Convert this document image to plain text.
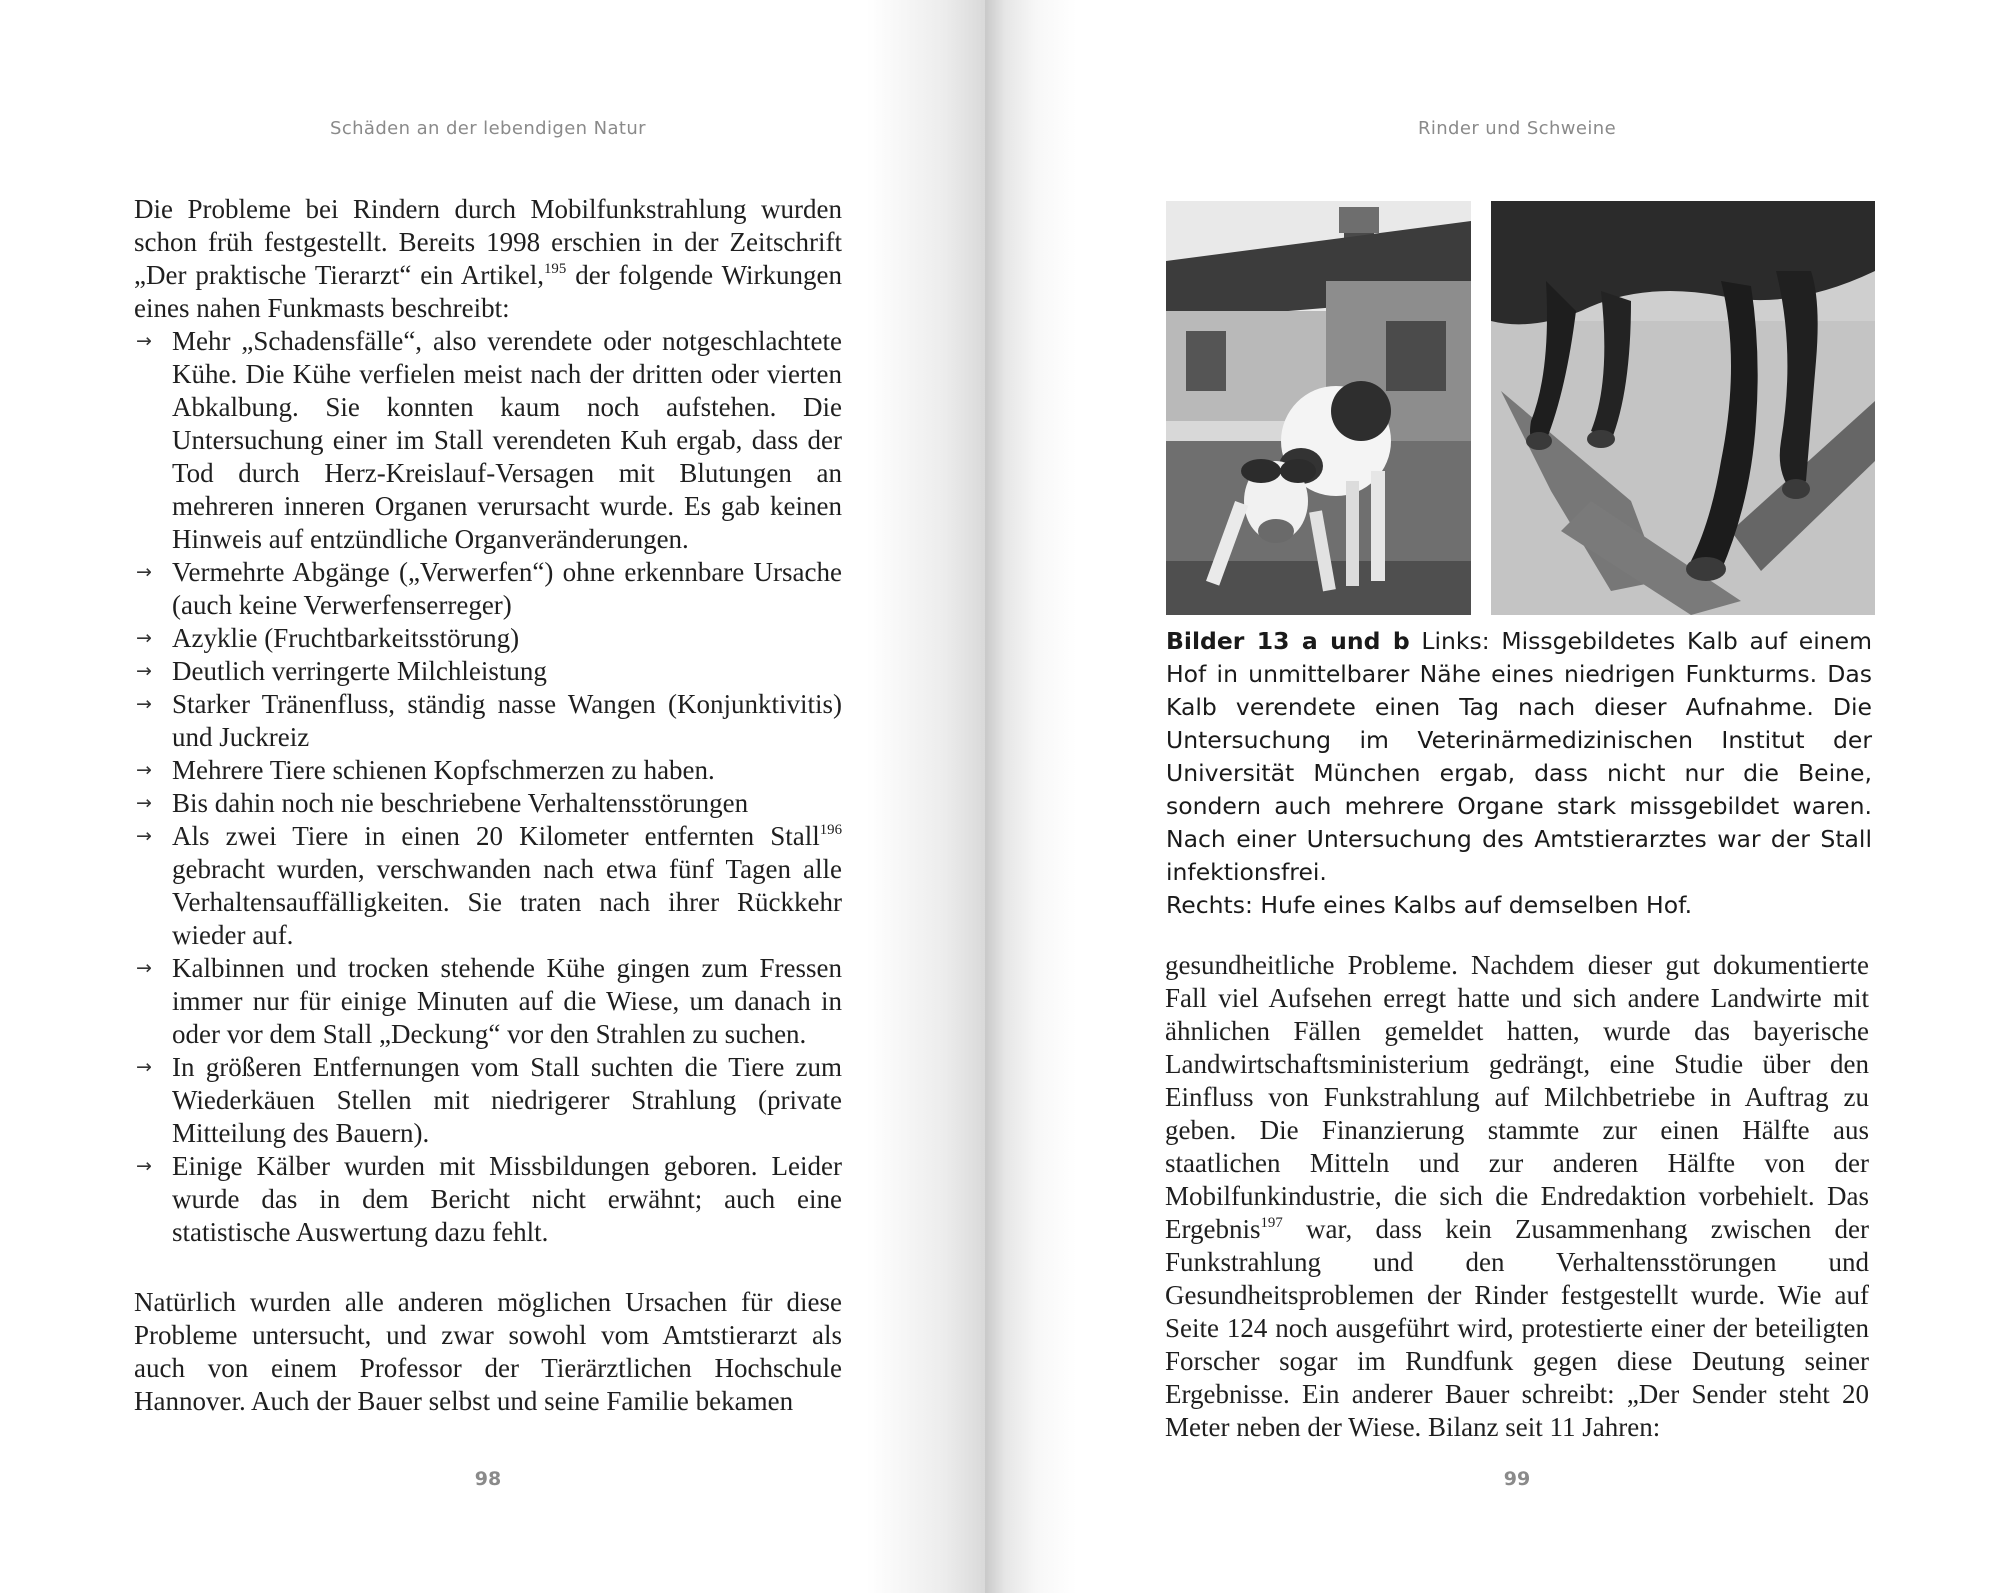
Schäden an der lebendigen Natur

Die Probleme bei Rindern durch Mobilfunkstrahlung wurden schon früh festgestellt. Bereits 1998 erschien in der Zeitschrift „Der praktische Tierarzt“ ein Artikel,$^{195}$ der folgende Wirkungen eines nahen Funkmasts beschreibt:

→ Mehr „Schadensfälle“, also verendete oder notgeschlachtete Kühe. Die Kühe verfielen meist nach der dritten oder vierten Abkalbung. Sie konnten kaum noch aufstehen. Die Untersuchung einer im Stall verendeten Kuh ergab, dass der Tod durch Herz-Kreislauf-Versagen mit Blutungen an mehreren inneren Organen verursacht wurde. Es gab keinen Hinweis auf entzündliche Organveränderungen.
→ Vermehrte Abgänge („Verwerfen“) ohne erkennbare Ursache (auch keine Verwerfenserreger)
→ Azyklie (Fruchtbarkeitsstörung)
→ Deutlich verringerte Milchleistung
→ Starker Tränenfluss, ständig nasse Wangen (Konjunktivitis) und Juckreiz
→ Mehrere Tiere schienen Kopfschmerzen zu haben.
→ Bis dahin noch nie beschriebene Verhaltensstörungen
→ Als zwei Tiere in einen 20 Kilometer entfernten Stall$^{196}$ gebracht wurden, verschwanden nach etwa fünf Tagen alle Verhaltensauffälligkeiten. Sie traten nach ihrer Rückkehr wieder auf.
→ Kalbinnen und trocken stehende Kühe gingen zum Fressen immer nur für einige Minuten auf die Wiese, um danach in oder vor dem Stall „Deckung“ vor den Strahlen zu suchen.
→ In größeren Entfernungen vom Stall suchten die Tiere zum Wiederkäuen Stellen mit niedrigerer Strahlung (private Mitteilung des Bauern).
→ Einige Kälber wurden mit Missbildungen geboren. Leider wurde das in dem Bericht nicht erwähnt; auch eine statistische Auswertung dazu fehlt.

Natürlich wurden alle anderen möglichen Ursachen für diese Probleme untersucht, und zwar sowohl vom Amtstierarzt als auch von einem Professor der Tierärztlichen Hochschule Hannover. Auch der Bauer selbst und seine Familie bekamen

98
Rinder und Schweine
Bilder 13 a und b Links: Missgebildetes Kalb auf einem Hof in unmittelbarer Nähe eines niedrigen Funkturms. Das Kalb verendete einen Tag nach dieser Aufnahme. Die Untersuchung im Veterinärmedizinischen Institut der Universität München ergab, dass nicht nur die Beine, sondern auch mehrere Organe stark missgebildet waren. Nach einer Untersuchung des Amtstierarztes war der Stall infektionsfrei.
Rechts: Hufe eines Kalbs auf demselben Hof.

gesundheitliche Probleme. Nachdem dieser gut dokumentierte Fall viel Aufsehen erregt hatte und sich andere Landwirte mit ähnlichen Fällen gemeldet hatten, wurde das bayerische Landwirtschaftsministerium gedrängt, eine Studie über den Einfluss von Funkstrahlung auf Milchbetriebe in Auftrag zu geben. Die Finanzierung stammte zur einen Hälfte aus staatlichen Mitteln und zur anderen Hälfte von der Mobilfunkindustrie, die sich die Endredaktion vorbehielt. Das Ergebnis$^{197}$ war, dass kein Zusammenhang zwischen der Funkstrahlung und den Verhaltensstörungen und Gesundheitsproblemen der Rinder festgestellt wurde. Wie auf Seite 124 noch ausgeführt wird, protestierte einer der beteiligten Forscher sogar im Rundfunk gegen diese Deutung seiner Ergebnisse. Ein anderer Bauer schreibt: „Der Sender steht 20 Meter neben der Wiese. Bilanz seit 11 Jahren:

99
